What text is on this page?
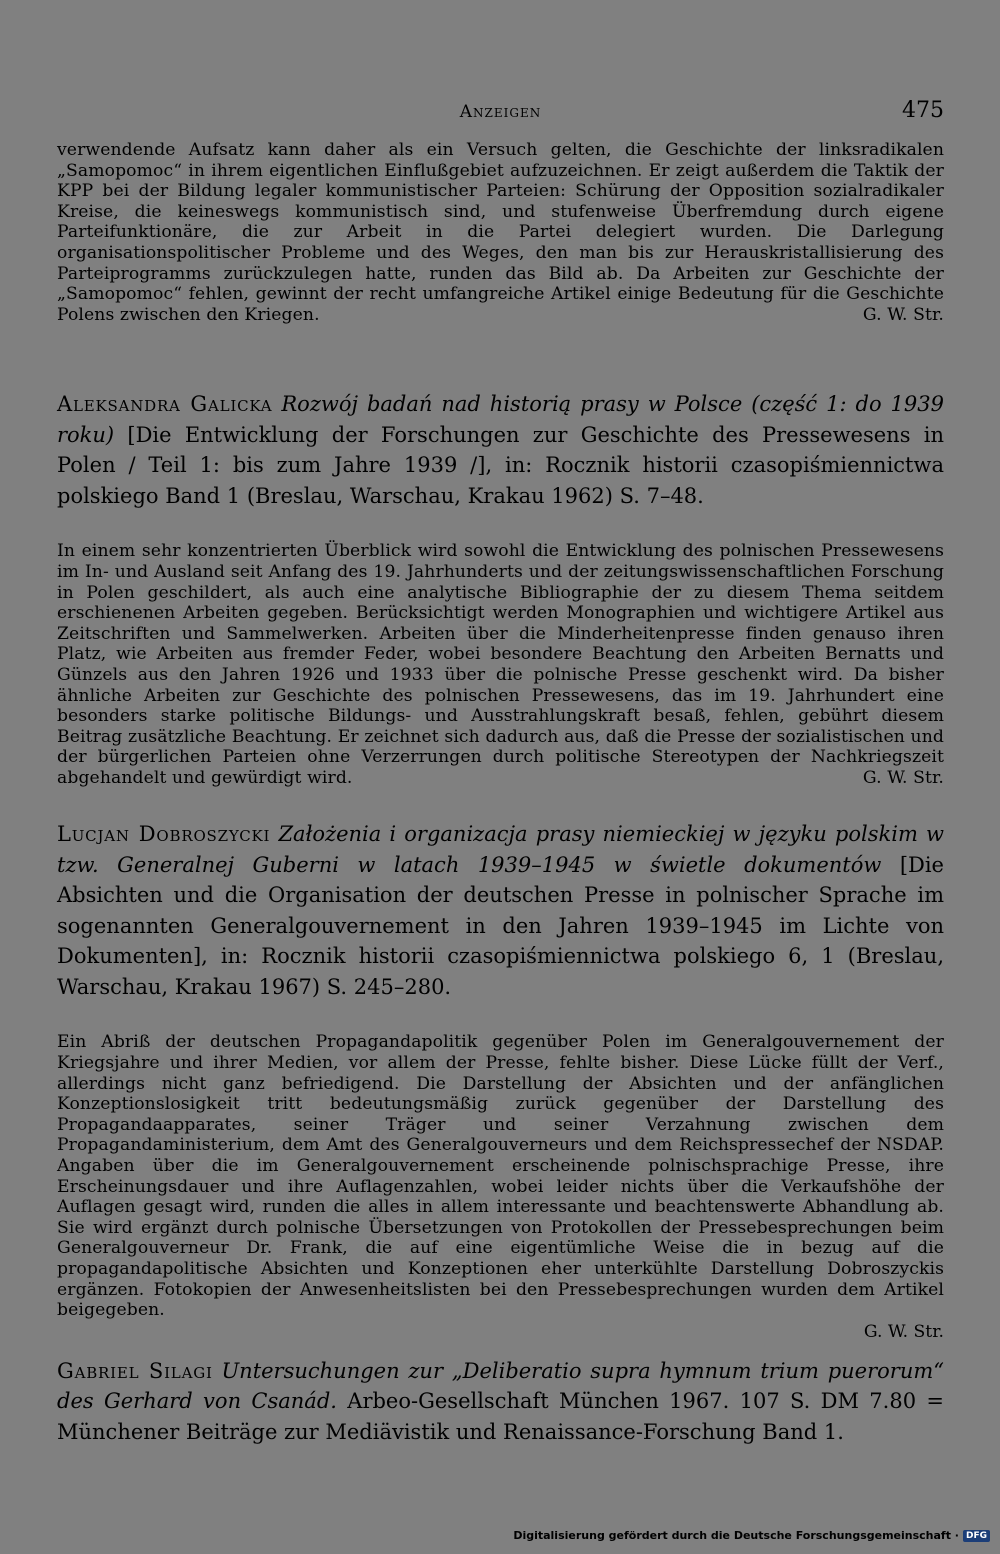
Anzeigen	475

verwendende Aufsatz kann daher als ein Versuch gelten, die Geschichte der linksradikalen „Samopomoc“ in ihrem eigentlichen Einflußgebiet aufzuzeichnen. Er zeigt außerdem die Taktik der KPP bei der Bildung legaler kommunistischer Parteien: Schürung der Opposition sozialradikaler Kreise, die keineswegs kommunistisch sind, und stufenweise Überfremdung durch eigene Parteifunktionäre, die zur Arbeit in die Partei delegiert wurden. Die Darlegung organisationspolitischer Probleme und des Weges, den man bis zur Herauskristallisierung des Parteiprogramms zurückzulegen hatte, runden das Bild ab. Da Arbeiten zur Geschichte der „Samopomoc“ fehlen, gewinnt der recht umfangreiche Artikel einige Bedeutung für die Geschichte Polens zwischen den Kriegen.	G. W. Str.

Aleksandra Galicka Rozwój badań nad historią prasy w Polsce (część 1: do 1939 roku) [Die Entwicklung der Forschungen zur Geschichte des Pressewesens in Polen / Teil 1: bis zum Jahre 1939 /], in: Rocznik historii czasopiśmiennictwa polskiego Band 1 (Breslau, Warschau, Krakau 1962) S. 7–48.

In einem sehr konzentrierten Überblick wird sowohl die Entwicklung des polnischen Pressewesens im In- und Ausland seit Anfang des 19. Jahrhunderts und der zeitungswissenschaftlichen Forschung in Polen geschildert, als auch eine analytische Bibliographie der zu diesem Thema seitdem erschienenen Arbeiten gegeben. Berücksichtigt werden Monographien und wichtigere Artikel aus Zeitschriften und Sammelwerken. Arbeiten über die Minderheitenpresse finden genauso ihren Platz, wie Arbeiten aus fremder Feder, wobei besondere Beachtung den Arbeiten Bernatts und Günzels aus den Jahren 1926 und 1933 über die polnische Presse geschenkt wird. Da bisher ähnliche Arbeiten zur Geschichte des polnischen Pressewesens, das im 19. Jahrhundert eine besonders starke politische Bildungs- und Ausstrahlungskraft besaß, fehlen, gebührt diesem Beitrag zusätzliche Beachtung. Er zeichnet sich dadurch aus, daß die Presse der sozialistischen und der bürgerlichen Parteien ohne Verzerrungen durch politische Stereotypen der Nachkriegszeit abgehandelt und gewürdigt wird.	G. W. Str.

Lucjan Dobroszycki Założenia i organizacja prasy niemieckiej w języku polskim w tzw. Generalnej Guberni w latach 1939–1945 w świetle dokumentów [Die Absichten und die Organisation der deutschen Presse in polnischer Sprache im sogenannten Generalgouvernement in den Jahren 1939–1945 im Lichte von Dokumenten], in: Rocznik historii czasopiśmiennictwa polskiego 6, 1 (Breslau, Warschau, Krakau 1967) S. 245–280.

Ein Abriß der deutschen Propagandapolitik gegenüber Polen im Generalgouvernement der Kriegsjahre und ihrer Medien, vor allem der Presse, fehlte bisher. Diese Lücke füllt der Verf., allerdings nicht ganz befriedigend. Die Darstellung der Absichten und der anfänglichen Konzeptionslosigkeit tritt bedeutungsmäßig zurück gegenüber der Darstellung des Propagandaapparates, seiner Träger und seiner Verzahnung zwischen dem Propagandaministerium, dem Amt des Generalgouverneurs und dem Reichspressechef der NSDAP. Angaben über die im Generalgouvernement erscheinende polnischsprachige Presse, ihre Erscheinungsdauer und ihre Auflagenzahlen, wobei leider nichts über die Verkaufshöhe der Auflagen gesagt wird, runden die alles in allem interessante und beachtenswerte Abhandlung ab. Sie wird ergänzt durch polnische Übersetzungen von Protokollen der Pressebesprechungen beim Generalgouverneur Dr. Frank, die auf eine eigentümliche Weise die in bezug auf die propagandapolitische Absichten und Konzeptionen eher unterkühlte Darstellung Dobroszyckis ergänzen. Fotokopien der Anwesenheitslisten bei den Pressebesprechungen wurden dem Artikel beigegeben.

G. W. Str.

Gabriel Silagi Untersuchungen zur „Deliberatio supra hymnum trium puerorum“ des Gerhard von Csanád. Arbeo-Gesellschaft München 1967. 107 S. DM 7.80 = Münchener Beiträge zur Mediävistik und Renaissance-Forschung Band 1.

Digitalisierung gefördert durch die Deutsche Forschungsgemeinschaft · DFG
